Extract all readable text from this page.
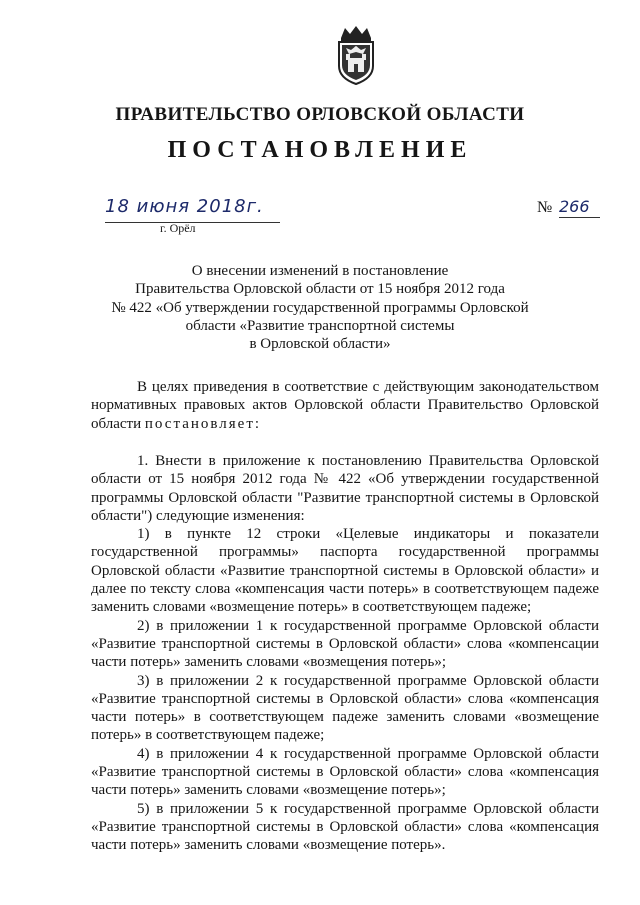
ПРАВИТЕЛЬСТВО ОРЛОВСКОЙ ОБЛАСТИ
ПОСТАНОВЛЕНИЕ
18 июня 2018г.
г. Орёл
№ 266
О внесении изменений в постановление
Правительства Орловской области от 15 ноября 2012 года
№ 422 «Об утверждении государственной программы Орловской
области «Развитие транспортной системы
в Орловской области»

В целях приведения в соответствие с действующим законодательством нормативных правовых актов Орловской области Правительство Орловской области постановляет:

1. Внести в приложение к постановлению Правительства Орловской области от 15 ноября 2012 года № 422 «Об утверждении государственной программы Орловской области "Развитие транспортной системы в Орловской области") следующие изменения:

1) в пункте 12 строки «Целевые индикаторы и показатели государственной программы» паспорта государственной программы Орловской области «Развитие транспортной системы в Орловской области» и далее по тексту слова «компенсация части потерь» в соответствующем падеже заменить словами «возмещение потерь» в соответствующем падеже;

2) в приложении 1 к государственной программе Орловской области «Развитие транспортной системы в Орловской области» слова «компенсации части потерь» заменить словами «возмещения потерь»;

3) в приложении 2 к государственной программе Орловской области «Развитие транспортной системы в Орловской области» слова «компенсация части потерь» в соответствующем падеже заменить словами «возмещение потерь» в соответствующем падеже;

4) в приложении 4 к государственной программе Орловской области «Развитие транспортной системы в Орловской области» слова «компенсация части потерь» заменить словами «возмещение потерь»;

5) в приложении 5 к государственной программе Орловской области «Развитие транспортной системы в Орловской области» слова «компенсация части потерь» заменить словами «возмещение потерь».
